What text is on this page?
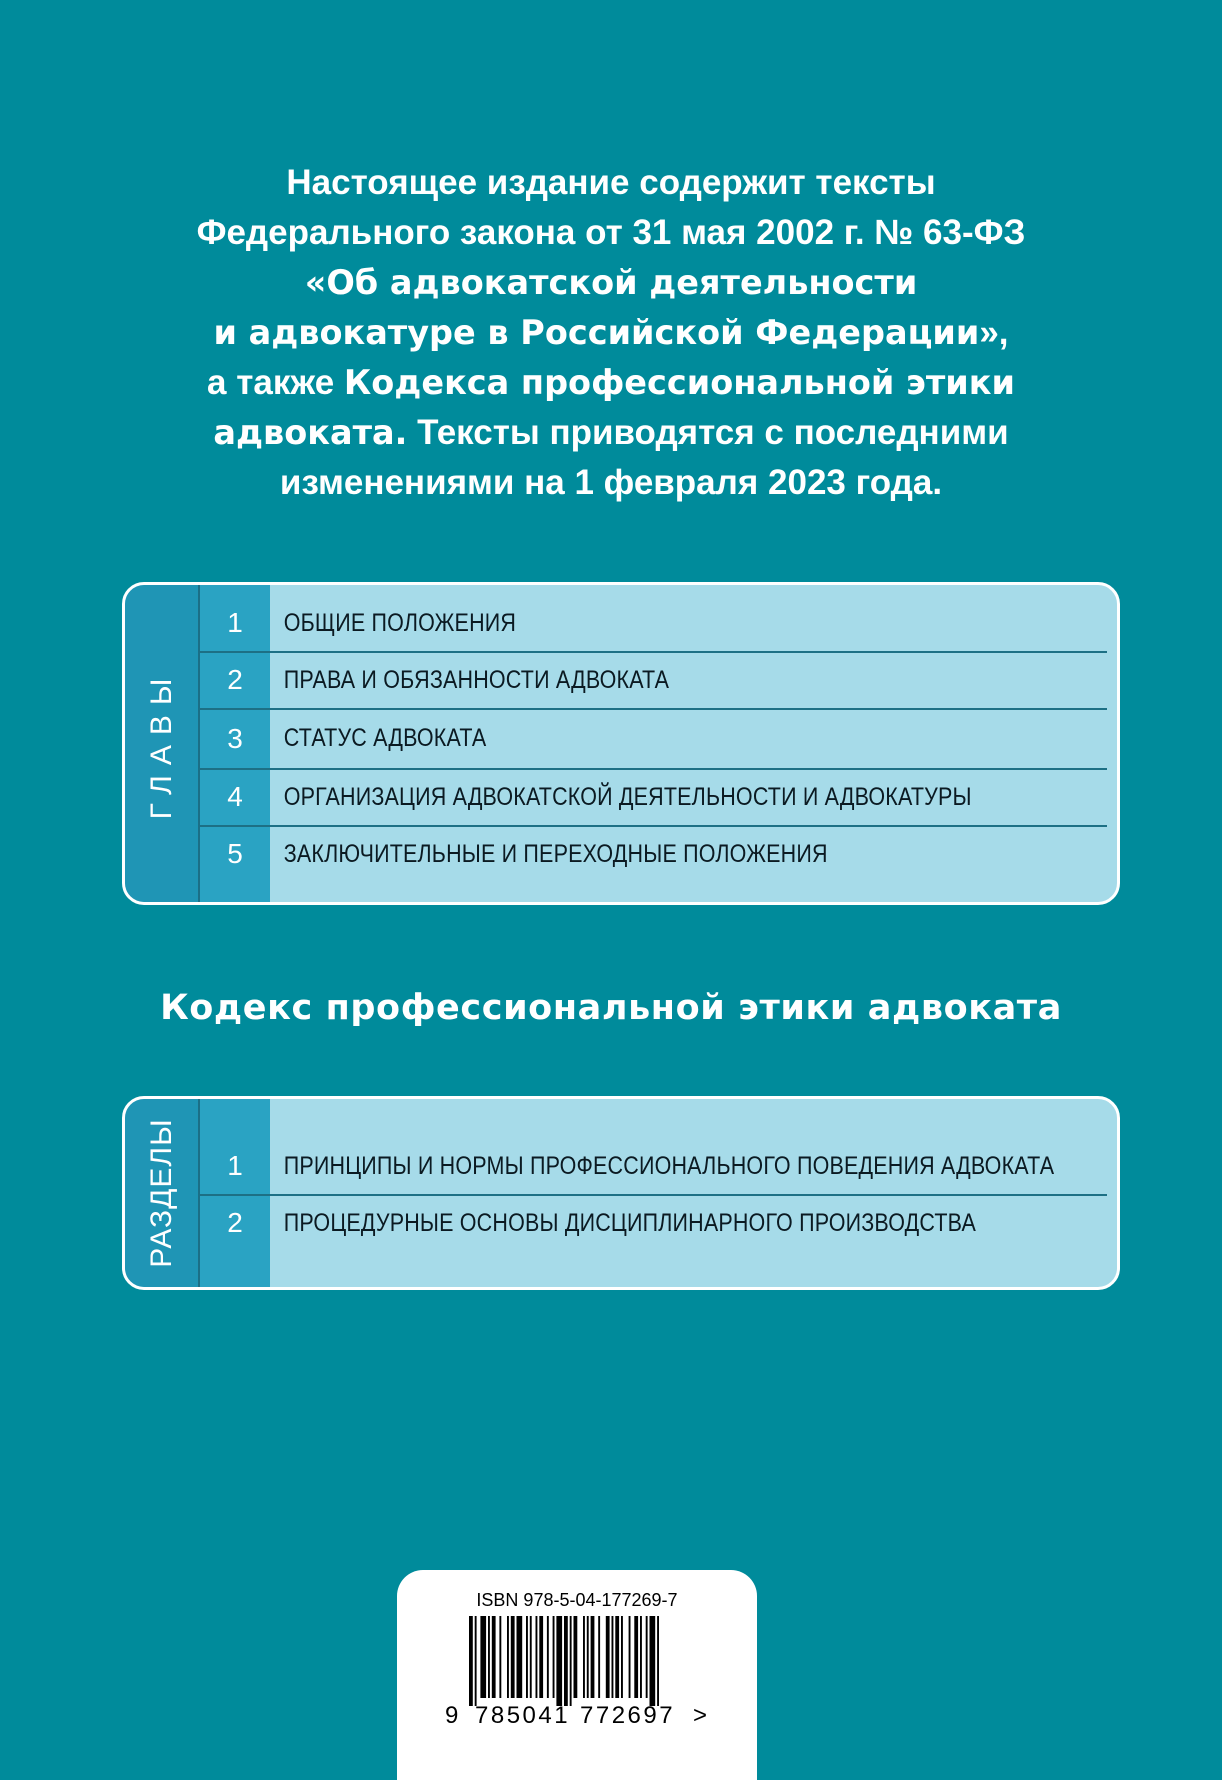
Настоящее издание содержит тексты
Федерального закона от 31 мая 2002 г. № 63-ФЗ
«Об адвокатской деятельности
и адвокатуре в Российской Федерации»,
а также Кодекса профессиональной этики
адвоката. Тексты приводятся с последними
изменениями на 1 февраля 2023 года.
ГЛАВЫ
1	ОБЩИЕ ПОЛОЖЕНИЯ
2	ПРАВА И ОБЯЗАННОСТИ АДВОКАТА
3	СТАТУС АДВОКАТА
4	ОРГАНИЗАЦИЯ АДВОКАТСКОЙ ДЕЯТЕЛЬНОСТИ И АДВОКАТУРЫ
5	ЗАКЛЮЧИТЕЛЬНЫЕ И ПЕРЕХОДНЫЕ ПОЛОЖЕНИЯ
Кодекс профессиональной этики адвоката
РАЗДЕЛЫ	1	ПРИНЦИПЫ И НОРМЫ ПРОФЕССИОНАЛЬНОГО ПОВЕДЕНИЯ АДВОКАТА
2	ПРОЦЕДУРНЫЕ ОСНОВЫ ДИСЦИПЛИНАРНОГО ПРОИЗВОДСТВА
ISBN 978-5-04-177269-7
9 785041 772697 >
